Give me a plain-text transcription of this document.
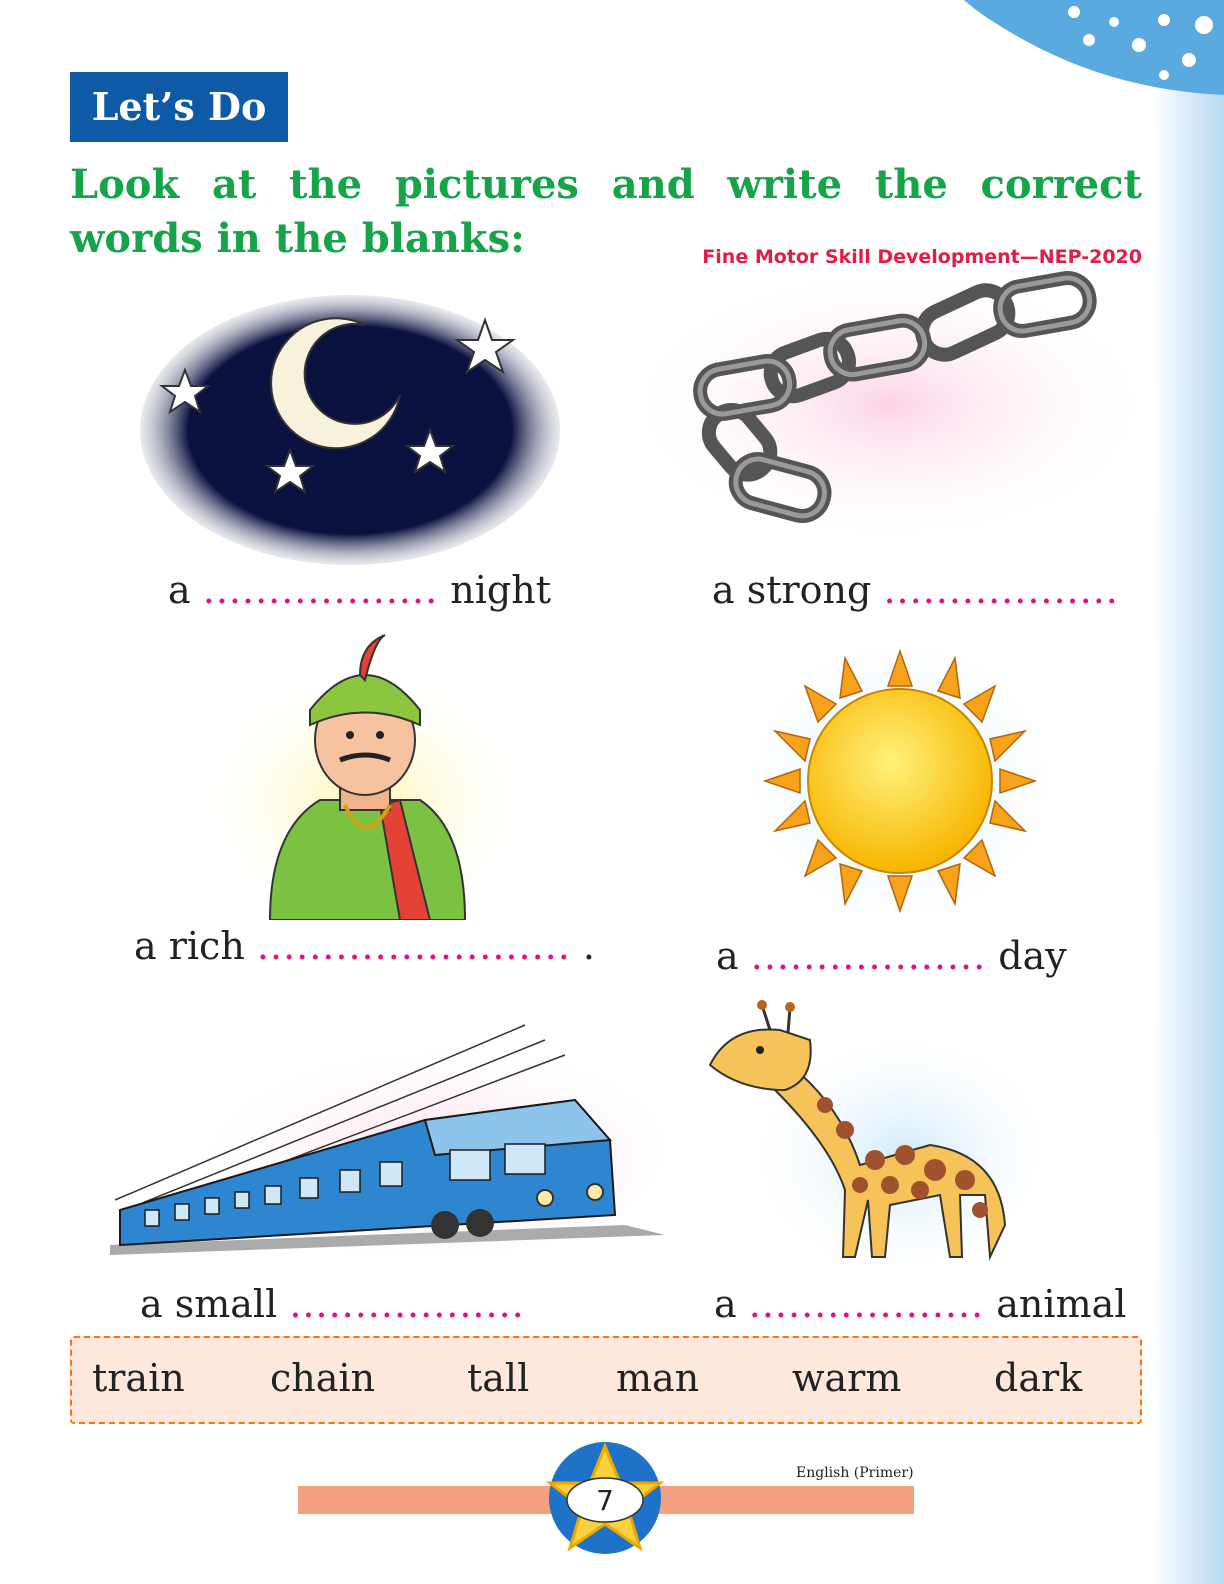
Let’s Do
Look at the pictures and write the correct words in the blanks:	Fine Motor Skill Development—NEP-2020
a .................. night	a strong ..................
a rich ........................ .	a .................. day
a small ..................	a .................. animal
train chain tall man warm dark
English (Primer)
7
